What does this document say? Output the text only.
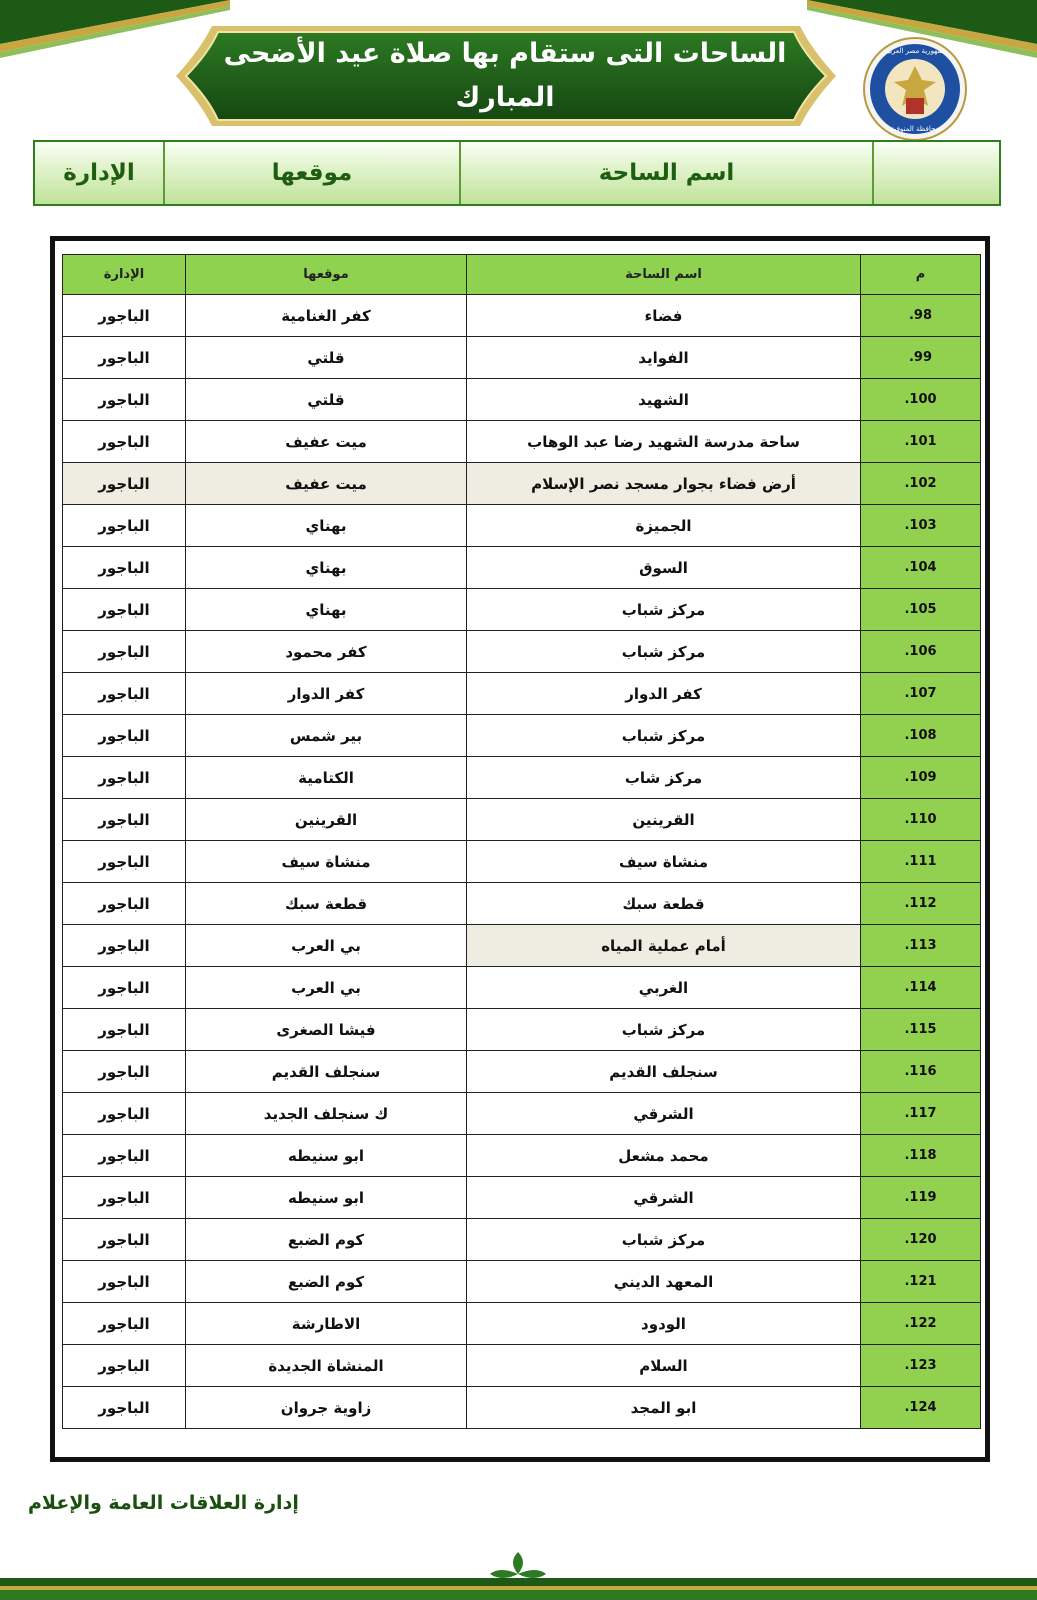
الساحات التى ستقام بها صلاة عيد الأضحى المبارك
جمهورية مصر العربية
محافظة المنوفية
اسم الساحة
موقعها
الإدارة
م	اسم الساحة	موقعها	الإدارة
98.	فضاء	كفر الغنامية	الباجور
99.	الفوايد	قلتي	الباجور
100.	الشهيد	قلتي	الباجور
101.	ساحة مدرسة الشهيد رضا عبد الوهاب	ميت عفيف	الباجور
102.	أرض فضاء بجوار مسجد نصر الإسلام	ميت عفيف	الباجور
103.	الجميزة	بهناي	الباجور
104.	السوق	بهناي	الباجور
105.	مركز شباب	بهناي	الباجور
106.	مركز شباب	كفر محمود	الباجور
107.	كفر الدوار	كفر الدوار	الباجور
108.	مركز شباب	بير شمس	الباجور
109.	مركز شاب	الكتامية	الباجور
110.	القرينين	القرينين	الباجور
111.	منشاة سيف	منشاة سيف	الباجور
112.	قطعة سبك	قطعة سبك	الباجور
113.	أمام عملية المياه	بي العرب	الباجور
114.	الغربي	بي العرب	الباجور
115.	مركز شباب	فيشا الصغرى	الباجور
116.	سنجلف القديم	سنجلف القديم	الباجور
117.	الشرقي	ك سنجلف الجديد	الباجور
118.	محمد مشعل	ابو سنيطه	الباجور
119.	الشرقي	ابو سنيطه	الباجور
120.	مركز شباب	كوم الضبع	الباجور
121.	المعهد الديني	كوم الضبع	الباجور
122.	الودود	الاطارشة	الباجور
123.	السلام	المنشاة الجديدة	الباجور
124.	ابو المجد	زاوية جروان	الباجور
إدارة العلاقات العامة والإعلام
